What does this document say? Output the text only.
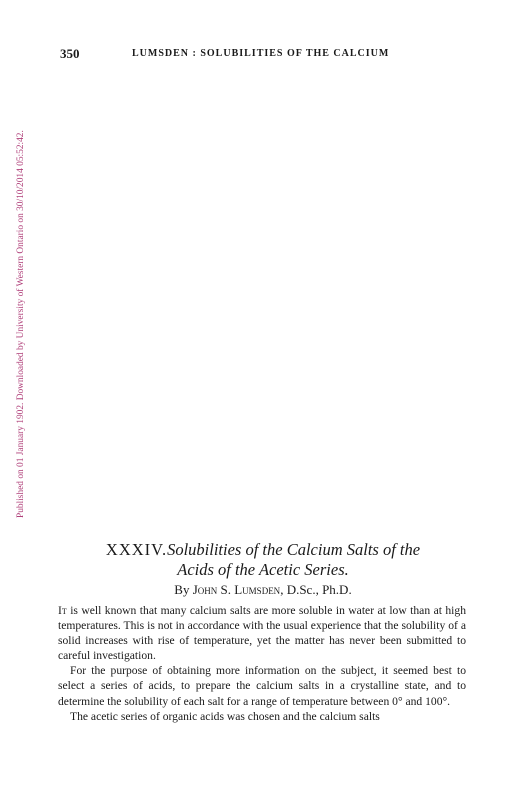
Published on 01 January 1902. Downloaded by University of Western Ontario on 30/10/2014 05:52:42.
350	LUMSDEN : SOLUBILITIES OF THE CALCIUM
XXXIV.Solubilities of the Calcium Salts of the
Acids of the Acetic Series.
By John S. Lumsden, D.Sc., Ph.D.

It is well known that many calcium salts are more soluble in water at low than at high temperatures. This is not in accordance with the usual experience that the solubility of a solid increases with rise of temperature, yet the matter has never been submitted to careful investigation.

For the purpose of obtaining more information on the subject, it seemed best to select a series of acids, to prepare the calcium salts in a crystalline state, and to determine the solubility of each salt for a range of temperature between 0° and 100°.

The acetic series of organic acids was chosen and the calcium salts
